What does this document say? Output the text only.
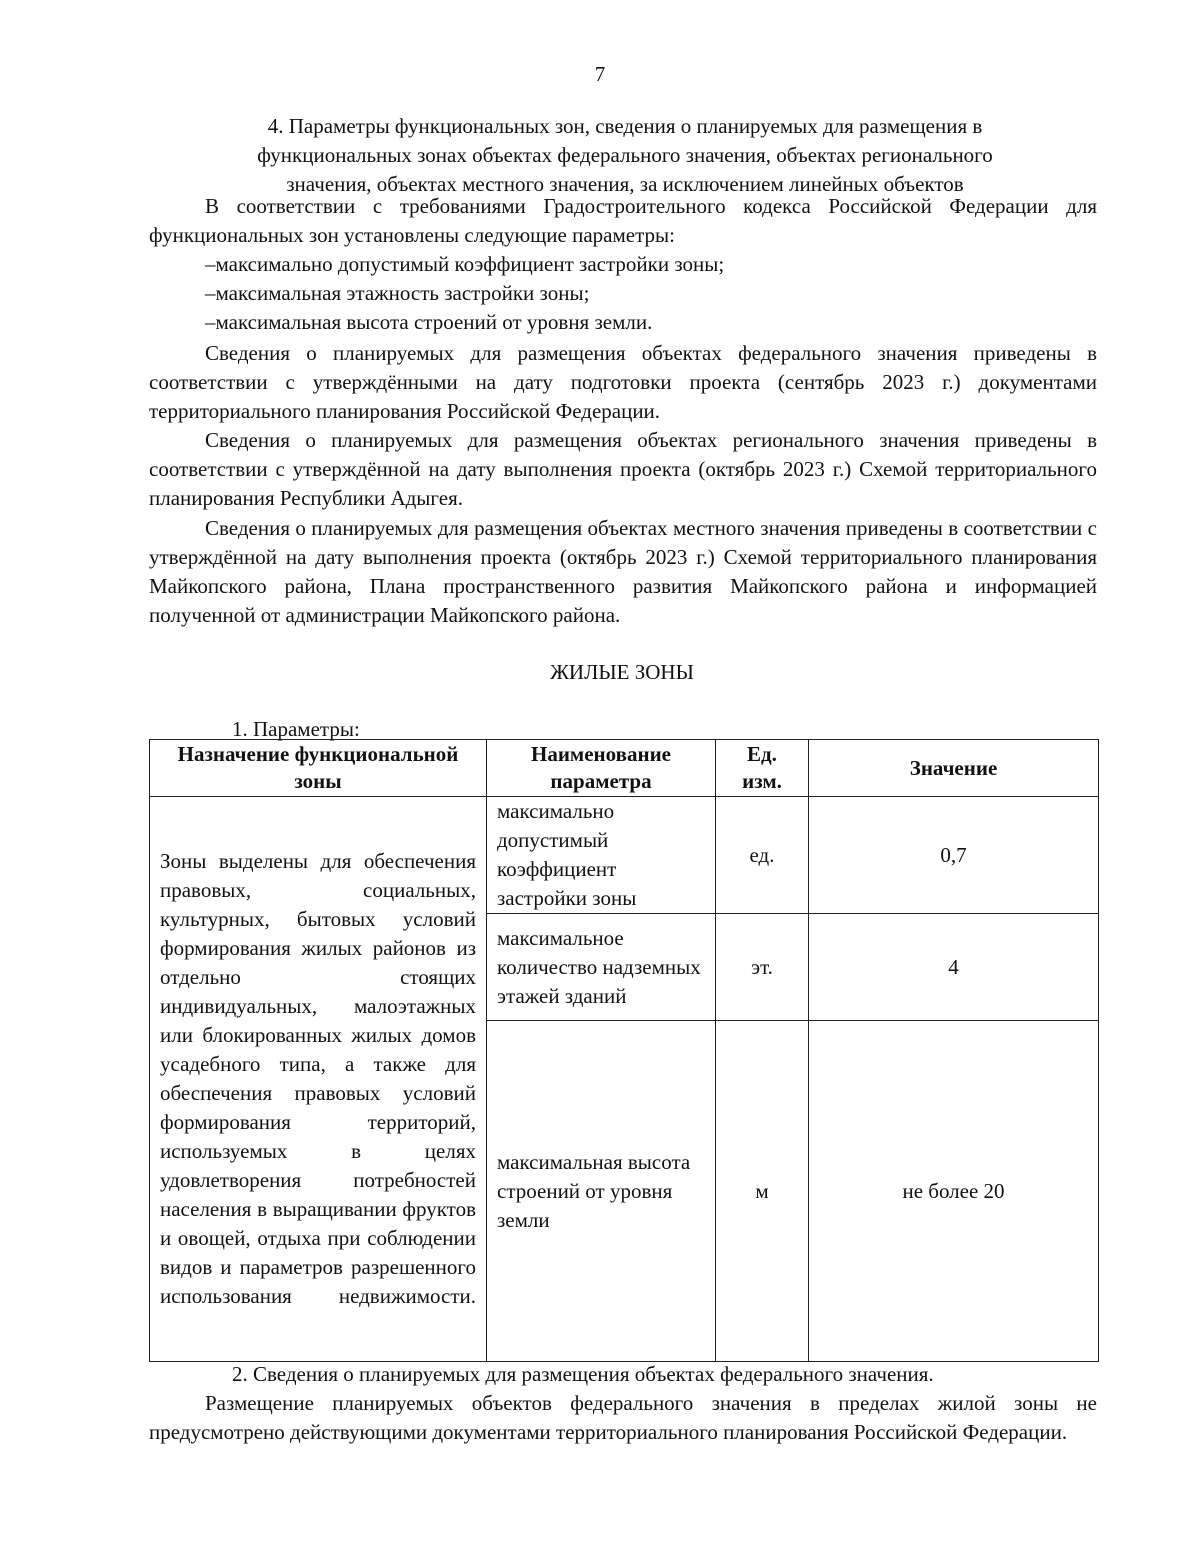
7
4. Параметры функциональных зон, сведения о планируемых для размещения в
функциональных зонах объектах федерального значения, объектах регионального
значения, объектах местного значения, за исключением линейных объектов
В соответствии с требованиями Градостроительного кодекса Российской Федерации для функциональных зон установлены следующие параметры:
–максимально допустимый коэффициент застройки зоны;
–максимальная этажность застройки зоны;
–максимальная высота строений от уровня земли.
Сведения о планируемых для размещения объектах федерального значения приведены в соответствии с утверждёнными на дату подготовки проекта (сентябрь 2023 г.) документами территориального планирования Российской Федерации.
Сведения о планируемых для размещения объектах регионального значения приведены в соответствии с утверждённой на дату выполнения проекта (октябрь 2023 г.) Схемой территориального планирования Республики Адыгея.
Сведения о планируемых для размещения объектах местного значения приведены в соответствии с утверждённой на дату выполнения проекта (октябрь 2023 г.) Схемой территориального планирования Майкопского района, Плана пространственного развития Майкопского района и информацией полученной от администрации Майкопского района.
ЖИЛЫЕ ЗОНЫ
1. Параметры:
Назначение функциональной зоны	Наименование параметра	Ед. изм.	Значение
Зоны выделены для обеспечения правовых, социальных, культурных, бытовых условий формирования жилых районов из отдельно стоящих индивидуальных, малоэтажных или блокированных жилых домов усадебного типа, а также для обеспечения правовых условий формирования территорий, используемых в целях удовлетворения потребностей населения в выращивании фруктов и овощей, отдыха при соблюдении видов и параметров разрешенного использования недвижимости.	максимально допустимый коэффициент застройки зоны	ед.	0,7
	максимальное количество надземных этажей зданий	эт.	4
	максимальная высота строений от уровня земли	м	не более 20
2. Сведения о планируемых для размещения объектах федерального значения.
Размещение планируемых объектов федерального значения в пределах жилой зоны не предусмотрено действующими документами территориального планирования Российской Федерации.
